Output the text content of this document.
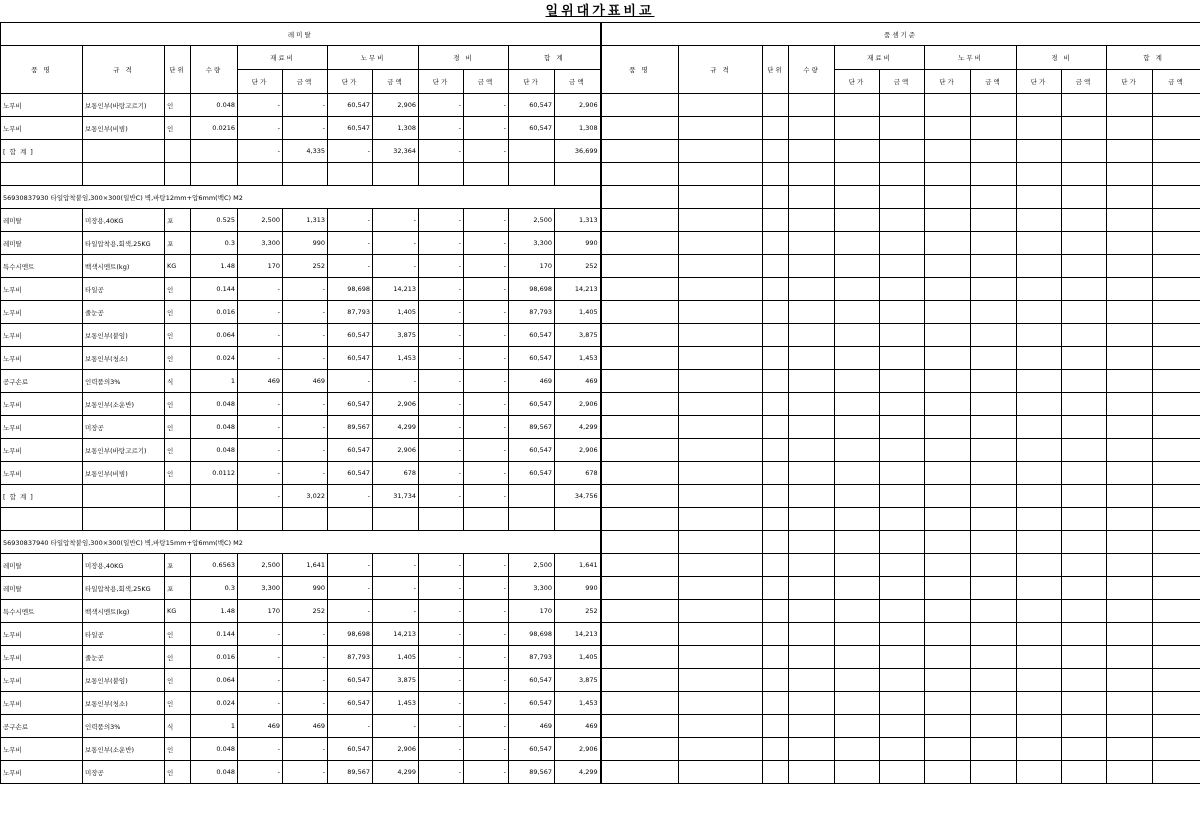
일위대가표비교
레미탈											
품 명	규 격	단위	수량	재료비		노무비		경 비		합 계	
				단가	금액	단가	금액	단가	금액	단가	금액
노무비	보통인부(바탕고르기)	인	0.048	-	-	60,547	2,906	-	-	60,547	2,906
노무비	보통인부(비빔)	인	0.0216	-	-	60,547	1,308	-	-	60,547	1,308
[ 합 계 ]				-	4,335	-	32,364	-	-		36,699

56930837930 타일압착붙임,300×300(일반C) 벽,바탕12mm+압6mm(백C) M2											
레미탈	미장용,40KG	포	0.525	2,500	1,313	-	-	-	-	2,500	1,313
레미탈	타일압착용,회색,25KG	포	0.3	3,300	990	-	-	-	-	3,300	990
특수시멘트	백색시멘트(kg)	KG	1.48	170	252	-	-	-	-	170	252
노무비	타일공	인	0.144	-	-	98,698	14,213	-	-	98,698	14,213
노무비	줄눈공	인	0.016	-	-	87,793	1,405	-	-	87,793	1,405
노무비	보통인부(붙임)	인	0.064	-	-	60,547	3,875	-	-	60,547	3,875
노무비	보통인부(청소)	인	0.024	-	-	60,547	1,453	-	-	60,547	1,453
공구손료	인력품의3%	식	1	469	469	-	-	-	-	469	469
노무비	보통인부(소운반)	인	0.048	-	-	60,547	2,906	-	-	60,547	2,906
노무비	미장공	인	0.048	-	-	89,567	4,299	-	-	89,567	4,299
노무비	보통인부(바탕고르기)	인	0.048	-	-	60,547	2,906	-	-	60,547	2,906
노무비	보통인부(비빔)	인	0.0112	-	-	60,547	678	-	-	60,547	678
[ 합 계 ]				-	3,022	-	31,734	-	-		34,756

56930837940 타일압착붙임,300×300(일반C) 벽,바탕15mm+압6mm(백C) M2											
레미탈	미장용,40KG	포	0.6563	2,500	1,641	-	-	-	-	2,500	1,641
레미탈	타일압착용,회색,25KG	포	0.3	3,300	990	-	-	-	-	3,300	990
특수시멘트	백색시멘트(kg)	KG	1.48	170	252	-	-	-	-	170	252
노무비	타일공	인	0.144	-	-	98,698	14,213	-	-	98,698	14,213
노무비	줄눈공	인	0.016	-	-	87,793	1,405	-	-	87,793	1,405
노무비	보통인부(붙임)	인	0.064	-	-	60,547	3,875	-	-	60,547	3,875
노무비	보통인부(청소)	인	0.024	-	-	60,547	1,453	-	-	60,547	1,453
공구손료	인력품의3%	식	1	469	469	-	-	-	-	469	469
노무비	보통인부(소운반)	인	0.048	-	-	60,547	2,906	-	-	60,547	2,906
노무비	미장공	인	0.048	-	-	89,567	4,299	-	-	89,567	4,299
품셈기준											
품 명	규 격	단위	수량	재료비		노무비		경 비		합 계	
				단가	금액	단가	금액	단가	금액	단가	금액
